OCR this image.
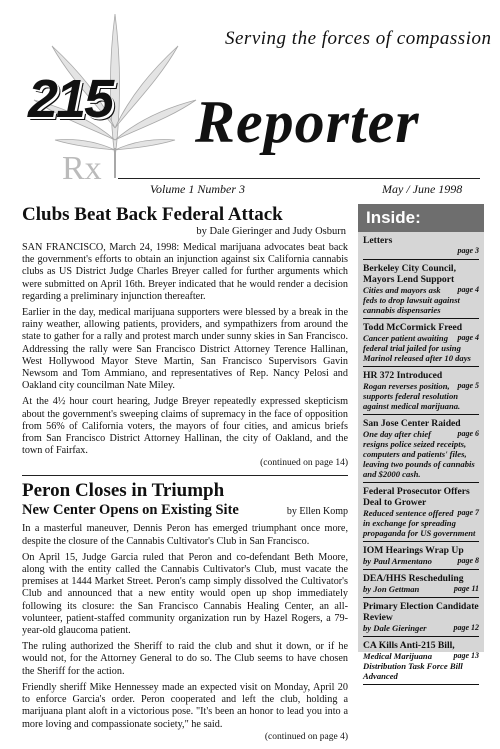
Serving the forces of compassion
215 Reporter
Rx
Volume 1 Number 3	May / June 1998
Clubs Beat Back Federal Attack
by Dale Gieringer and Judy Osburn

SAN FRANCISCO, March 24, 1998: Medical marijuana advocates beat back the government's efforts to obtain an injunction against six California cannabis clubs as US District Judge Charles Breyer called for further arguments which were submitted on April 16th. Breyer indicated that he would render a decision regarding a preliminary injunction thereafter.

Earlier in the day, medical marijuana supporters were blessed by a break in the rainy weather, allowing patients, providers, and sympathizers from around the state to gather for a rally and protest march under sunny skies in San Francisco. Addressing the rally were San Francisco District Attorney Terence Hallinan, West Hollywood Mayor Steve Martin, San Francisco Supervisors Gavin Newsom and Tom Ammiano, and representatives of Rep. Nancy Pelosi and Oakland city councilman Nate Miley.

At the 4½ hour court hearing, Judge Breyer repeatedly expressed skepticism about the government's sweeping claims of supremacy in the face of opposition from 56% of California voters, the mayors of four cities, and amicus briefs from San Francisco District Attorney Hallinan, the city of Oakland, and the town of Fairfax.

(continued on page 14)
Peron Closes in Triumph
New Center Opens on Existing Site	by Ellen Komp

In a masterful maneuver, Dennis Peron has emerged triumphant once more, despite the closure of the Cannabis Cultivator's Club in San Francisco.

On April 15, Judge Garcia ruled that Peron and co-defendant Beth Moore, along with the entity called the Cannabis Cultivator's Club, must vacate the premises at 1444 Market Street. Peron's camp simply dissolved the Cultivator's Club and announced that a new entity would open up shop immediately following its closure: the San Francisco Cannabis Healing Center, an all-volunteer, patient-staffed community organization run by Hazel Rogers, a 79-year-old glaucoma patient.

The ruling authorized the Sheriff to raid the club and shut it down, or if he would not, for the Attorney General to do so. The Club seems to have chosen the Sheriff for the action.

Friendly sheriff Mike Hennessey made an expected visit on Monday, April 20 to enforce Garcia's order. Peron cooperated and left the club, holding a marijuana plant aloft in a victorious pose. "It's been an honor to lead you into a more loving and compassionate society," he said.

(continued on page 4)
Inside:
Letters
page 3
Berkeley City Council, Mayors Lend Support
page 4
Cities and mayors ask feds to drop lawsuit against cannabis dispensaries
Todd McCormick Freed
page 4
Cancer patient awaiting federal trial jailed for using Marinol released after 10 days
HR 372 Introduced
page 5
Rogan reverses position, supports federal resolution against medical marijuana.
San Jose Center Raided
page 6
One day after chief resigns police seized receipts, computers and patients' files, leaving two pounds of cannabis and $2000 cash.
Federal Prosecutor Offers Deal to Grower
page 7
Reduced sentence offered in exchange for spreading propaganda for US government
IOM Hearings Wrap Up
page 8
by Paul Armentano
DEA/HHS Rescheduling
page 11
by Jon Gettman
Primary Election Candidate Review
page 12
by Dale Gieringer
CA Kills Anti-215 Bill,
page 13
Medical Marijuana Distribution Task Force Bill Advanced
